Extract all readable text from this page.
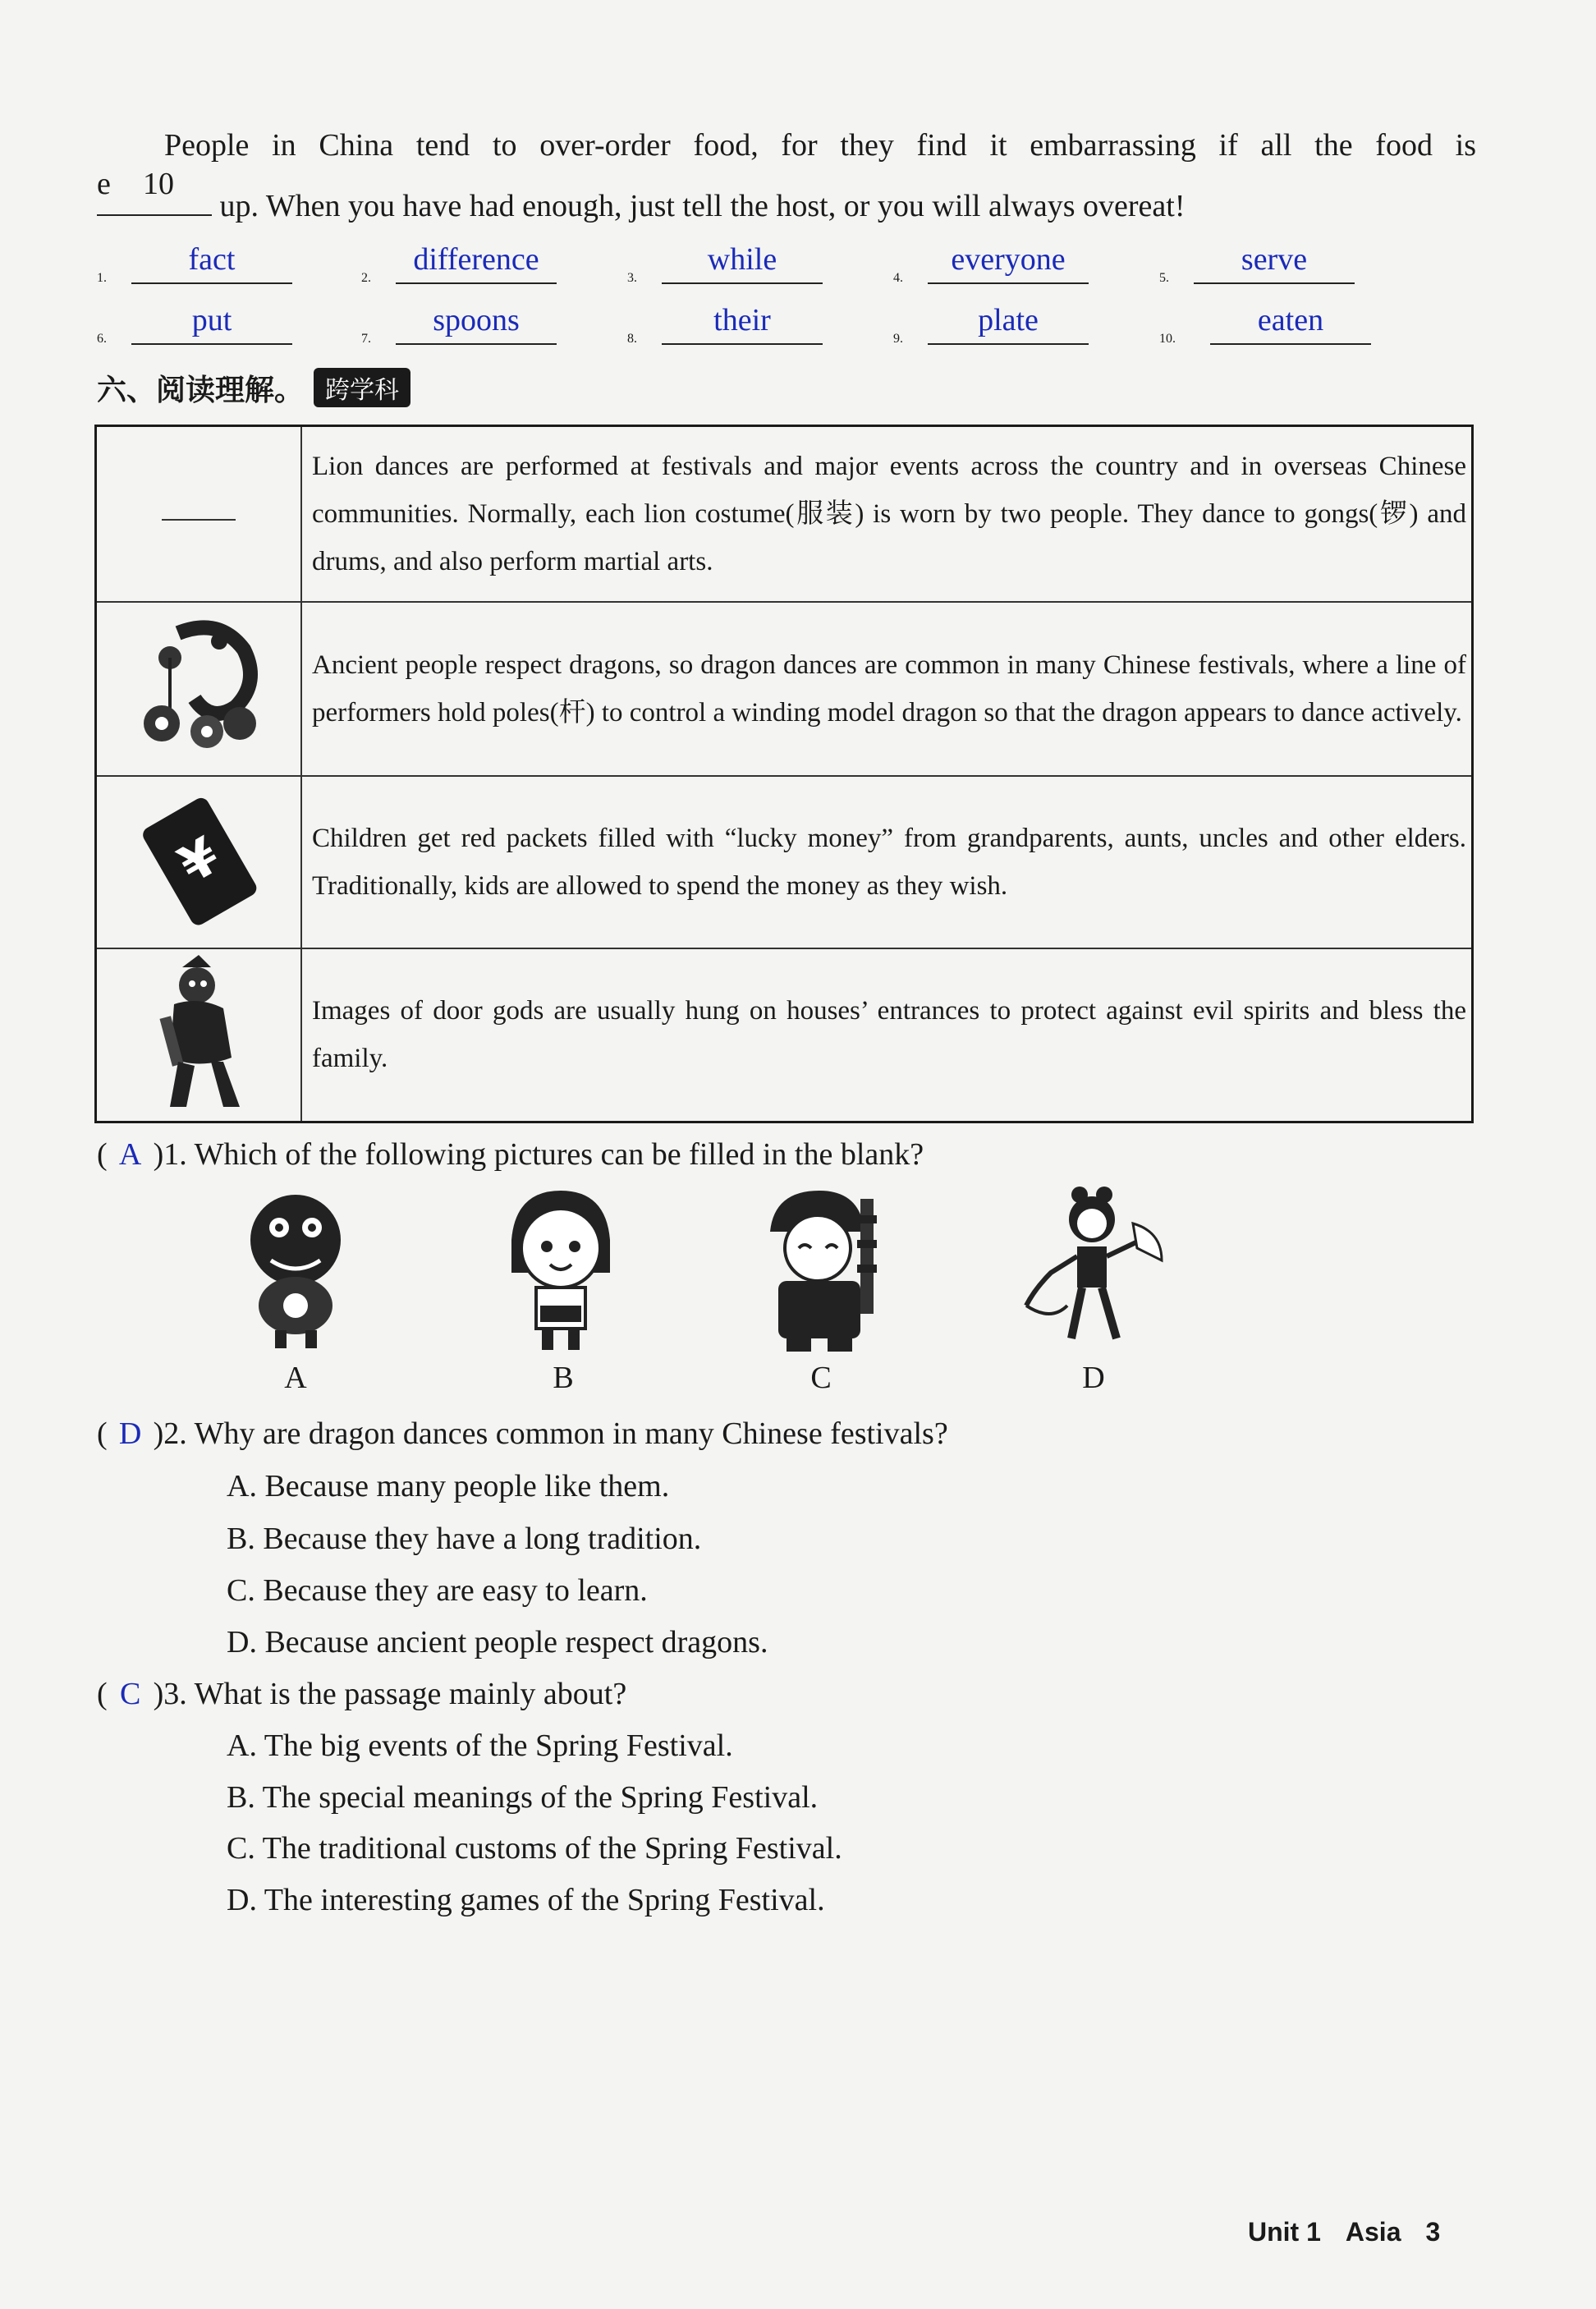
People in China tend to over-order food, for they find it embarrassing if all the food is
e 10
up. When you have had enough, just tell the host, or you will always overeat!
1.
fact
2.
difference
3.
while
4.
everyone
5.
serve
6.
put
7.
spoons
8.
their
9.
plate
10.
eaten
六、阅读理解。 跨学科
	Lion dances are performed at festivals and major events across the country and in overseas Chinese communities. Normally, each lion costume(服装) is worn by two people. They dance to gongs(锣) and drums, and also perform martial arts.
	Ancient people respect dragons, so dragon dances are common in many Chinese festivals, where a line of performers hold poles(杆) to control a winding model dragon so that the dragon appears to dance actively.

¥	Children get red packets filled with “lucky money” from grandparents, aunts, uncles and other elders. Traditionally, kids are allowed to spend the money as they wish.
	Images of door gods are usually hung on houses’ entrances to protect against evil spirits and bless the family.
( A )1. Which of the following pictures can be filled in the blank?
A	B	C	D
( D )2. Why are dragon dances common in many Chinese festivals?
A. Because many people like them.
B. Because they have a long tradition.
C. Because they are easy to learn.
D. Because ancient people respect dragons.
( C )3. What is the passage mainly about?
A. The big events of the Spring Festival.
B. The special meanings of the Spring Festival.
C. The traditional customs of the Spring Festival.
D. The interesting games of the Spring Festival.
Unit 1 Asia 3
